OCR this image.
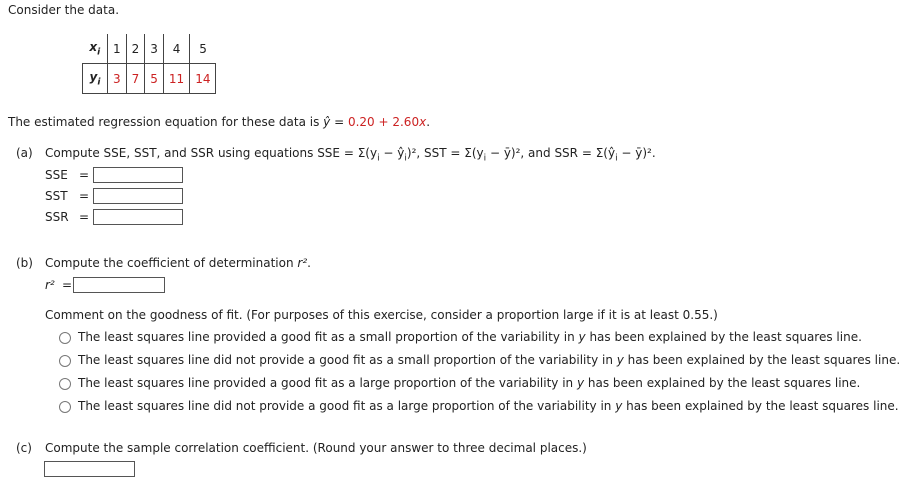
Consider the data.
$x_i$	1	2	3	4	5
$y_i$	3	7	5	11	14
The estimated regression equation for these data is ŷ = 0.20 + 2.60x.
(a) Compute SSE, SST, and SSR using equations SSE = $\Sigma(y_i$ − $ŷ_i)^2$, SST = $\Sigma(y_i$ − ȳ)², and SSR = $\Sigma(ŷ_i$ − ȳ)².
SSE =
SST =
SSR =
(b) Compute the coefficient of determination r².
r² =
Comment on the goodness of fit. (For purposes of this exercise, consider a proportion large if it is at least 0.55.)
The least squares line provided a good fit as a small proportion of the variability in y has been explained by the least squares line.
The least squares line did not provide a good fit as a small proportion of the variability in y has been explained by the least squares line.
The least squares line provided a good fit as a large proportion of the variability in y has been explained by the least squares line.
The least squares line did not provide a good fit as a large proportion of the variability in y has been explained by the least squares line.
(c) Compute the sample correlation coefficient. (Round your answer to three decimal places.)
